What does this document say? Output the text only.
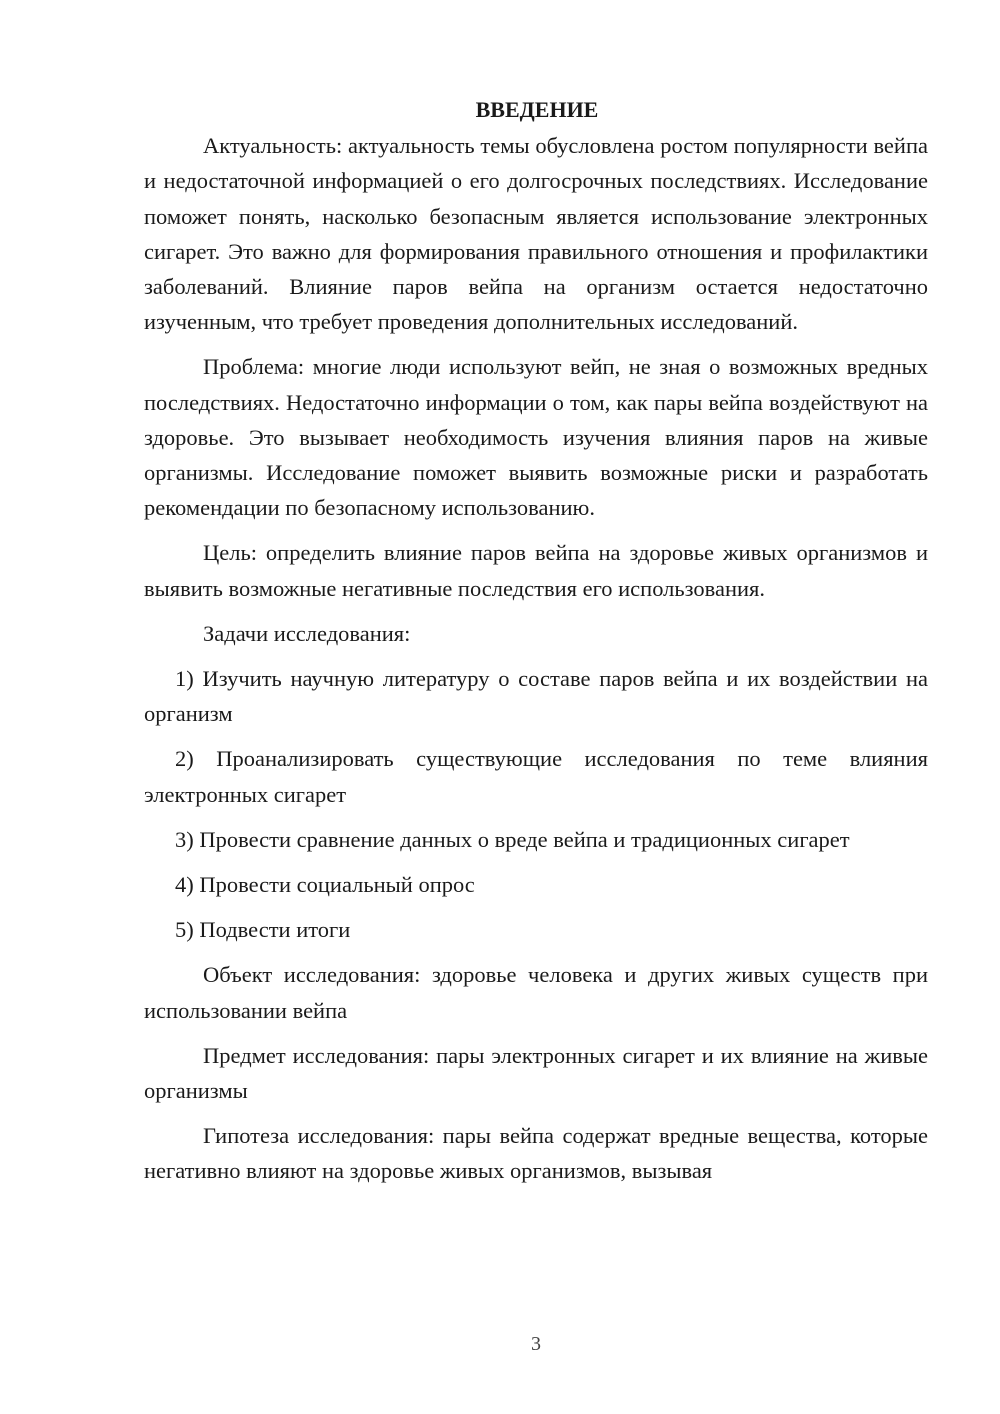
ВВЕДЕНИЕ

Актуальность: актуальность темы обусловлена ростом популярности вейпа и недостаточной информацией о его долгосрочных последствиях. Исследование поможет понять, насколько безопасным является использование электронных сигарет. Это важно для формирования правильного отношения и профилактики заболеваний. Влияние паров вейпа на организм остается недостаточно изученным, что требует проведения дополнительных исследований.

Проблема: многие люди используют вейп, не зная о возможных вредных последствиях. Недостаточно информации о том, как пары вейпа воздействуют на здоровье. Это вызывает необходимость изучения влияния паров на живые организмы. Исследование поможет выявить возможные риски и разработать рекомендации по безопасному использованию.

Цель: определить влияние паров вейпа на здоровье живых организмов и выявить возможные негативные последствия его использования.

Задачи исследования:

1) Изучить научную литературу о составе паров вейпа и их воздействии на организм

2) Проанализировать существующие исследования по теме влияния электронных сигарет

3) Провести сравнение данных о вреде вейпа и традиционных сигарет

4) Провести социальный опрос

5) Подвести итоги

Объект исследования: здоровье человека и других живых существ при использовании вейпа

Предмет исследования: пары электронных сигарет и их влияние на живые организмы

Гипотеза исследования: пары вейпа содержат вредные вещества, которые негативно влияют на здоровье живых организмов, вызывая

3
